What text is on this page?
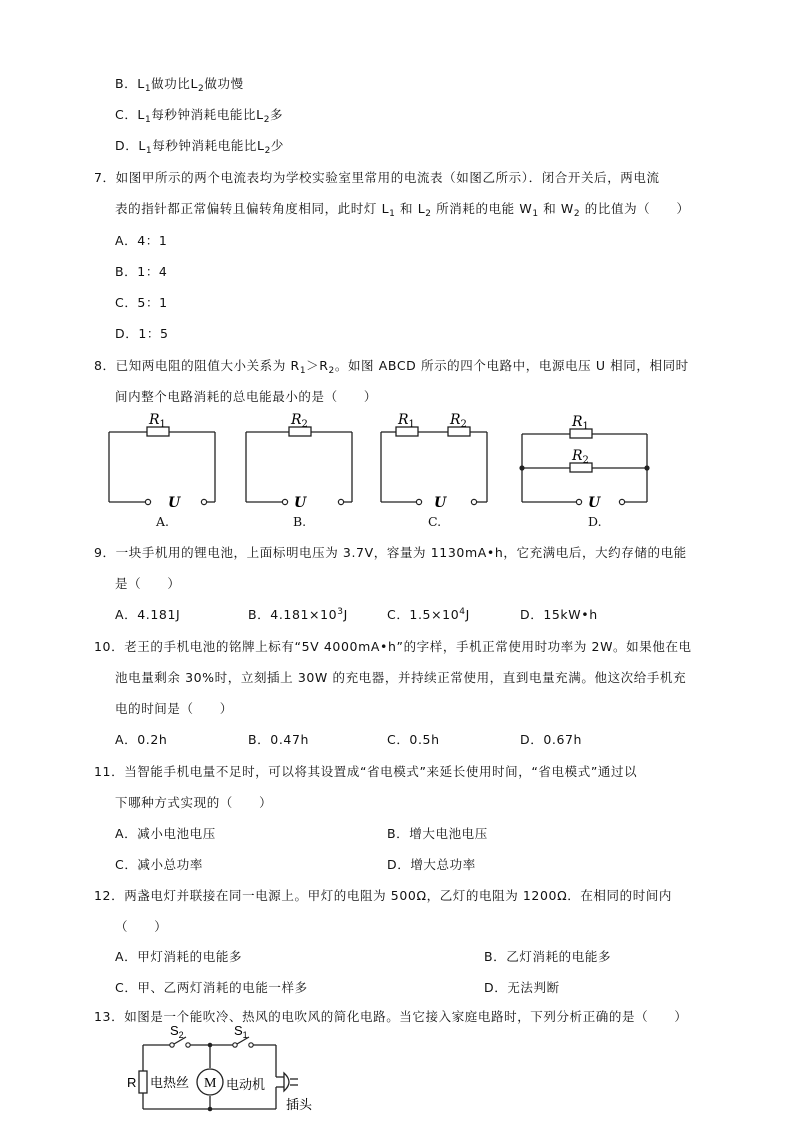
B．$L_1$做功比$L_2$做功慢
C．$L_1$每秒钟消耗电能比$L_2$多
D．$L_1$每秒钟消耗电能比$L_2$少
7．如图甲所示的两个电流表均为学校实验室里常用的电流表（如图乙所示）．闭合开关后，两电流
表的指针都正常偏转且偏转角度相同，此时灯 $L_1$ 和 $L_2$ 所消耗的电能 $W_1$ 和 $W_2$ 的比值为（　　）
A．4：1
B．1：4
C．5：1
D．1：5
8．已知两电阻的阻值大小关系为 $R_1>R_2$。如图 ABCD 所示的四个电路中，电源电压 U 相同，相同时
间内整个电路消耗的总电能最小的是（　　）
$R_1$
U
A.
$R_2$
U
B.
$R_1$	$R_2$
U
C.
$R_1$
$R_2$
U
D.
9．一块手机用的锂电池，上面标明电压为 3.7V，容量为 1130mA•h，它充满电后，大约存储的电能
是（　　）
A．4.181J	B．$4.181\times 10^3J$	C．$1.5\times 10^4J$	D．15kW•h
10．老王的手机电池的铭牌上标有“5V 4000mA•h”的字样，手机正常使用时功率为 2W。如果他在电
池电量剩余 30%时，立刻插上 30W 的充电器，并持续正常使用，直到电量充满。他这次给手机充
电的时间是（　　）
A．0.2h	B．0.47h	C．0.5h	D．0.67h
11．当智能手机电量不足时，可以将其设置成“省电模式”来延长使用时间，“省电模式”通过以
下哪种方式实现的（　　）
A．减小电池电压	B．增大电池电压
C．减小总功率	D．增大总功率
12．两盏电灯并联接在同一电源上。甲灯的电阻为 500Ω，乙灯的电阻为 1200Ω．在相同的时间内
（　　）
A．甲灯消耗的电能多	B．乙灯消耗的电能多
C．甲、乙两灯消耗的电能一样多	D．无法判断
13．如图是一个能吹冷、热风的电吹风的简化电路。当它接入家庭电路时，下列分析正确的是（　　）
$S_2$	$S_1$
R 电热丝 M 电动机
插头
